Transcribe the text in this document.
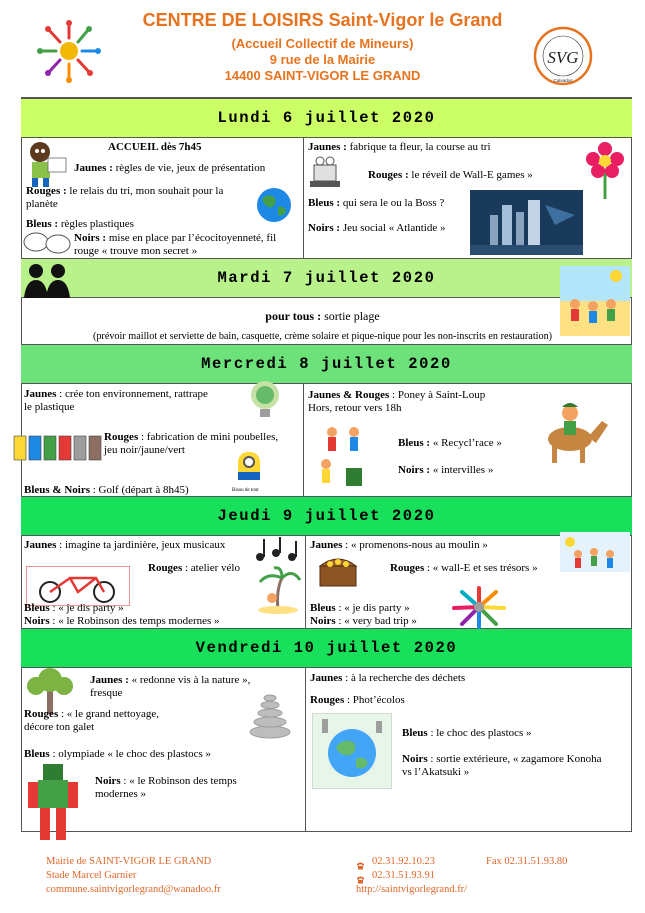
CENTRE DE LOISIRS Saint-Vigor le Grand
(Accueil Collectif de Mineurs)
9 rue de la Mairie
14400 SAINT-VIGOR LE GRAND
SVG
Calvados
Lundi 6 juillet 2020
Mardi 7 juillet 2020
Mercredi 8 juillet 2020
Jeudi 9 juillet 2020
Vendredi 10 juillet 2020
ACCUEIL dès 7h45
Jaunes : règles de vie, jeux de présentation
Rouges : le relais du tri, mon souhait pour la
planète
Bleus : règles plastiques
Noirs : mise en place par l’écocitoyenneté, fil
rouge « trouve mon secret »
Jaunes : fabrique ta fleur, la course au tri
Rouges : le réveil de Wall-E games »
Bleus : qui sera le ou la Boss ?
Noirs : Jeu social « Atlantide »
pour tous : sortie plage
(prévoir maillot et serviette de bain, casquette, crème solaire et pique-nique pour les non-inscrits en restauration)
Jaunes : crée ton environnement, rattrape
le plastique
Rouges : fabrication de mini poubelles,
jeu noir/jaune/vert
Bisou de tout
Bleus & Noirs : Golf (départ à 8h45)
Jaunes & Rouges : Poney à Saint-Loup
Hors, retour vers 18h
Bleus : « Recycl’race »
Noirs : « intervilles »
Jaunes : imagine ta jardinière, jeux musicaux
Rouges : atelier vélo
Bleus : « je dis party »
Noirs : « le Robinson des temps modernes »
Jaunes : « promenons-nous au moulin »
Rouges : « wall-E et ses trésors »
Bleus : « je dis party »
Noirs : « very bad trip »
Jaunes : « redonne vis à la nature »,
fresque
Rouges : « le grand nettoyage,
décore ton galet
Bleus : olympiade « le choc des plastocs »
Noirs : « le Robinson des temps
modernes »
Jaunes : à la recherche des déchets
Rouges : Phot’écolos
Bleus : le choc des plastocs »
Noirs : sortie extérieure, « zagamore Konoha
vs l’Akatsuki »
Mairie de SAINT-VIGOR LE GRAND
Stade Marcel Garnier
commune.saintvigorlegrand@wanadoo.fr
02.31.92.10.23	Fax 02.31.51.93.80
02.31.51.93.91
http://saintvigorlegrand.fr/
